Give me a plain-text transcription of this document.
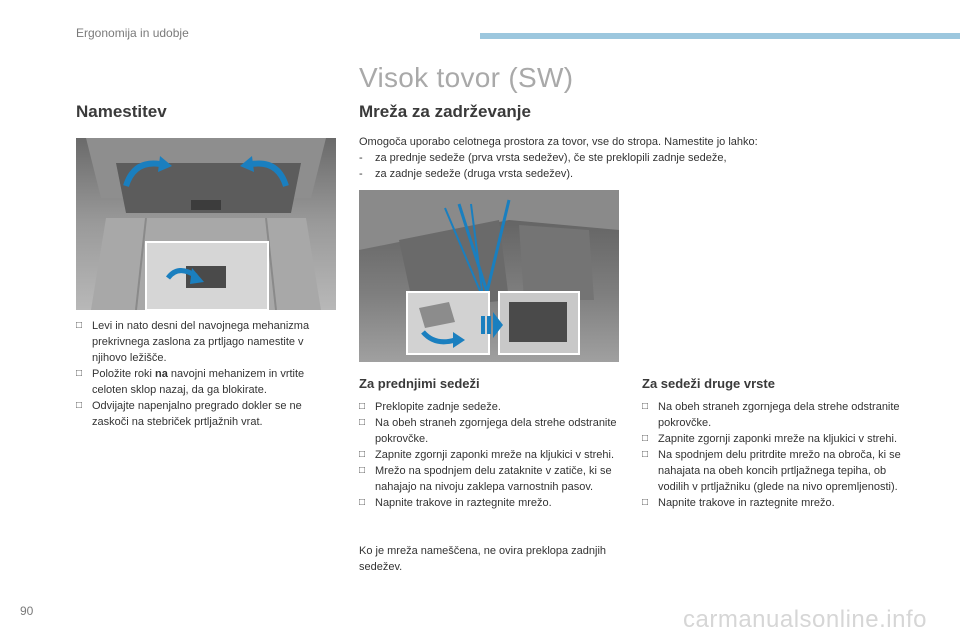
Ergonomija in udobje
Visok tovor (SW)
Namestitev	Mreža za zadrževanje

Omogoča uporabo celotnega prostora za tovor, vse do stropa. Namestite jo lahko:

-	za prednje sedeže (prva vrsta sedežev), če ste preklopili zadnje sedeže,
-	za zadnje sedeže (druga vrsta sedežev).
□ Levi in nato desni del navojnega mehanizma prekrivnega zaslona za prtljago namestite v njihovo ležišče.
□ Položite roki na navojni mehanizem in vrtite celoten sklop nazaj, da ga blokirate.
□ Odvijajte napenjalno pregrado dokler se ne zaskoči na stebriček prtljažnih vrat.
Za prednjimi sedeži
□ Preklopite zadnje sedeže.
□ Na obeh straneh zgornjega dela strehe odstranite pokrovčke.
□ Zapnite zgornji zaponki mreže na kljukici v strehi.
□ Mrežo na spodnjem delu zataknite v zatiče, ki se nahajajo na nivoju zaklepa varnostnih pasov.
□ Napnite trakove in raztegnite mrežo.

Ko je mreža nameščena, ne ovira preklopa zadnjih sedežev.

Za sedeži druge vrste
□ Na obeh straneh zgornjega dela strehe odstranite pokrovčke.
□ Zapnite zgornji zaponki mreže na kljukici v strehi.
□ Na spodnjem delu pritrdite mrežo na obroča, ki se nahajata na obeh koncih prtljažnega tepiha, ob vodilih v prtljažniku (glede na nivo opremljenosti).
□ Napnite trakove in raztegnite mrežo.
90	carmanualsonline.info
